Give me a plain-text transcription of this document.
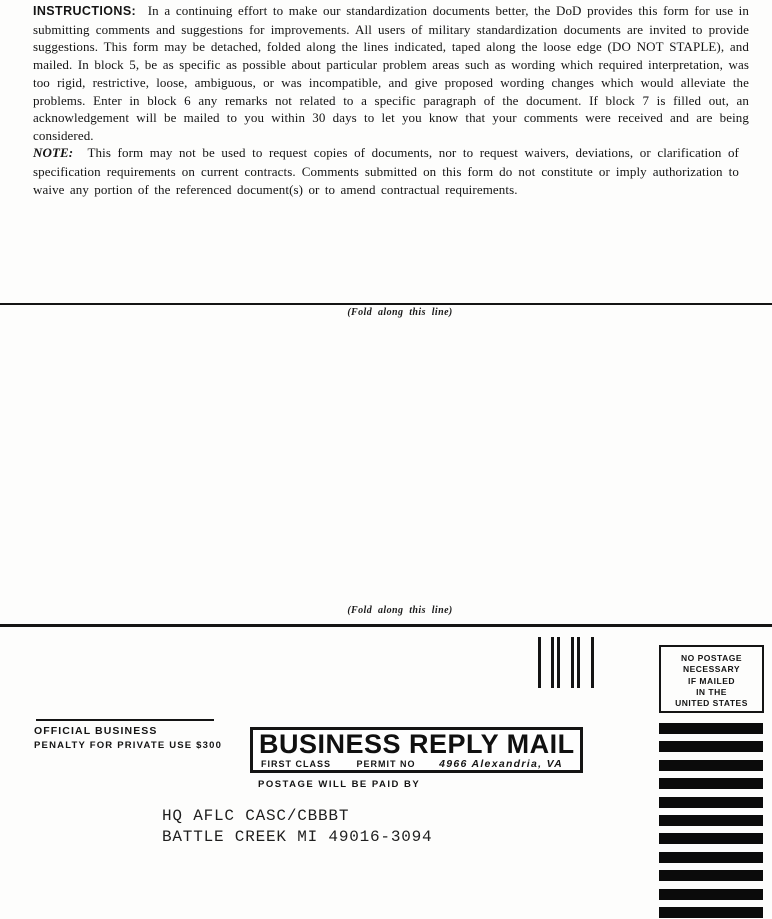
INSTRUCTIONS: In a continuing effort to make our standardization documents better, the DoD provides this form for use in submitting comments and suggestions for improvements. All users of military standardization documents are invited to provide suggestions. This form may be detached, folded along the lines indicated, taped along the loose edge (DO NOT STAPLE), and mailed. In block 5, be as specific as possible about particular problem areas such as wording which required interpretation, was too rigid, restrictive, loose, ambiguous, or was incompatible, and give proposed wording changes which would alleviate the problems. Enter in block 6 any remarks not related to a specific paragraph of the document. If block 7 is filled out, an acknowledgement will be mailed to you within 30 days to let you know that your comments were received and are being considered.
NOTE: This form may not be used to request copies of documents, nor to request waivers, deviations, or clarification of specification requirements on current contracts. Comments submitted on this form do not constitute or imply authorization to waive any portion of the referenced document(s) or to amend contractual requirements.
(Fold along this line)
(Fold along this line)
NO POSTAGE
NECESSARY
IF MAILED
IN THE
UNITED STATES
OFFICIAL BUSINESS
PENALTY FOR PRIVATE USE $300 BUSINESS REPLY MAIL
FIRST CLASS	PERMIT NO 4966 Alexandria, VA
POSTAGE WILL BE PAID BY
HQ AFLC CASC/CBBBT
BATTLE CREEK MI 49016-3094
